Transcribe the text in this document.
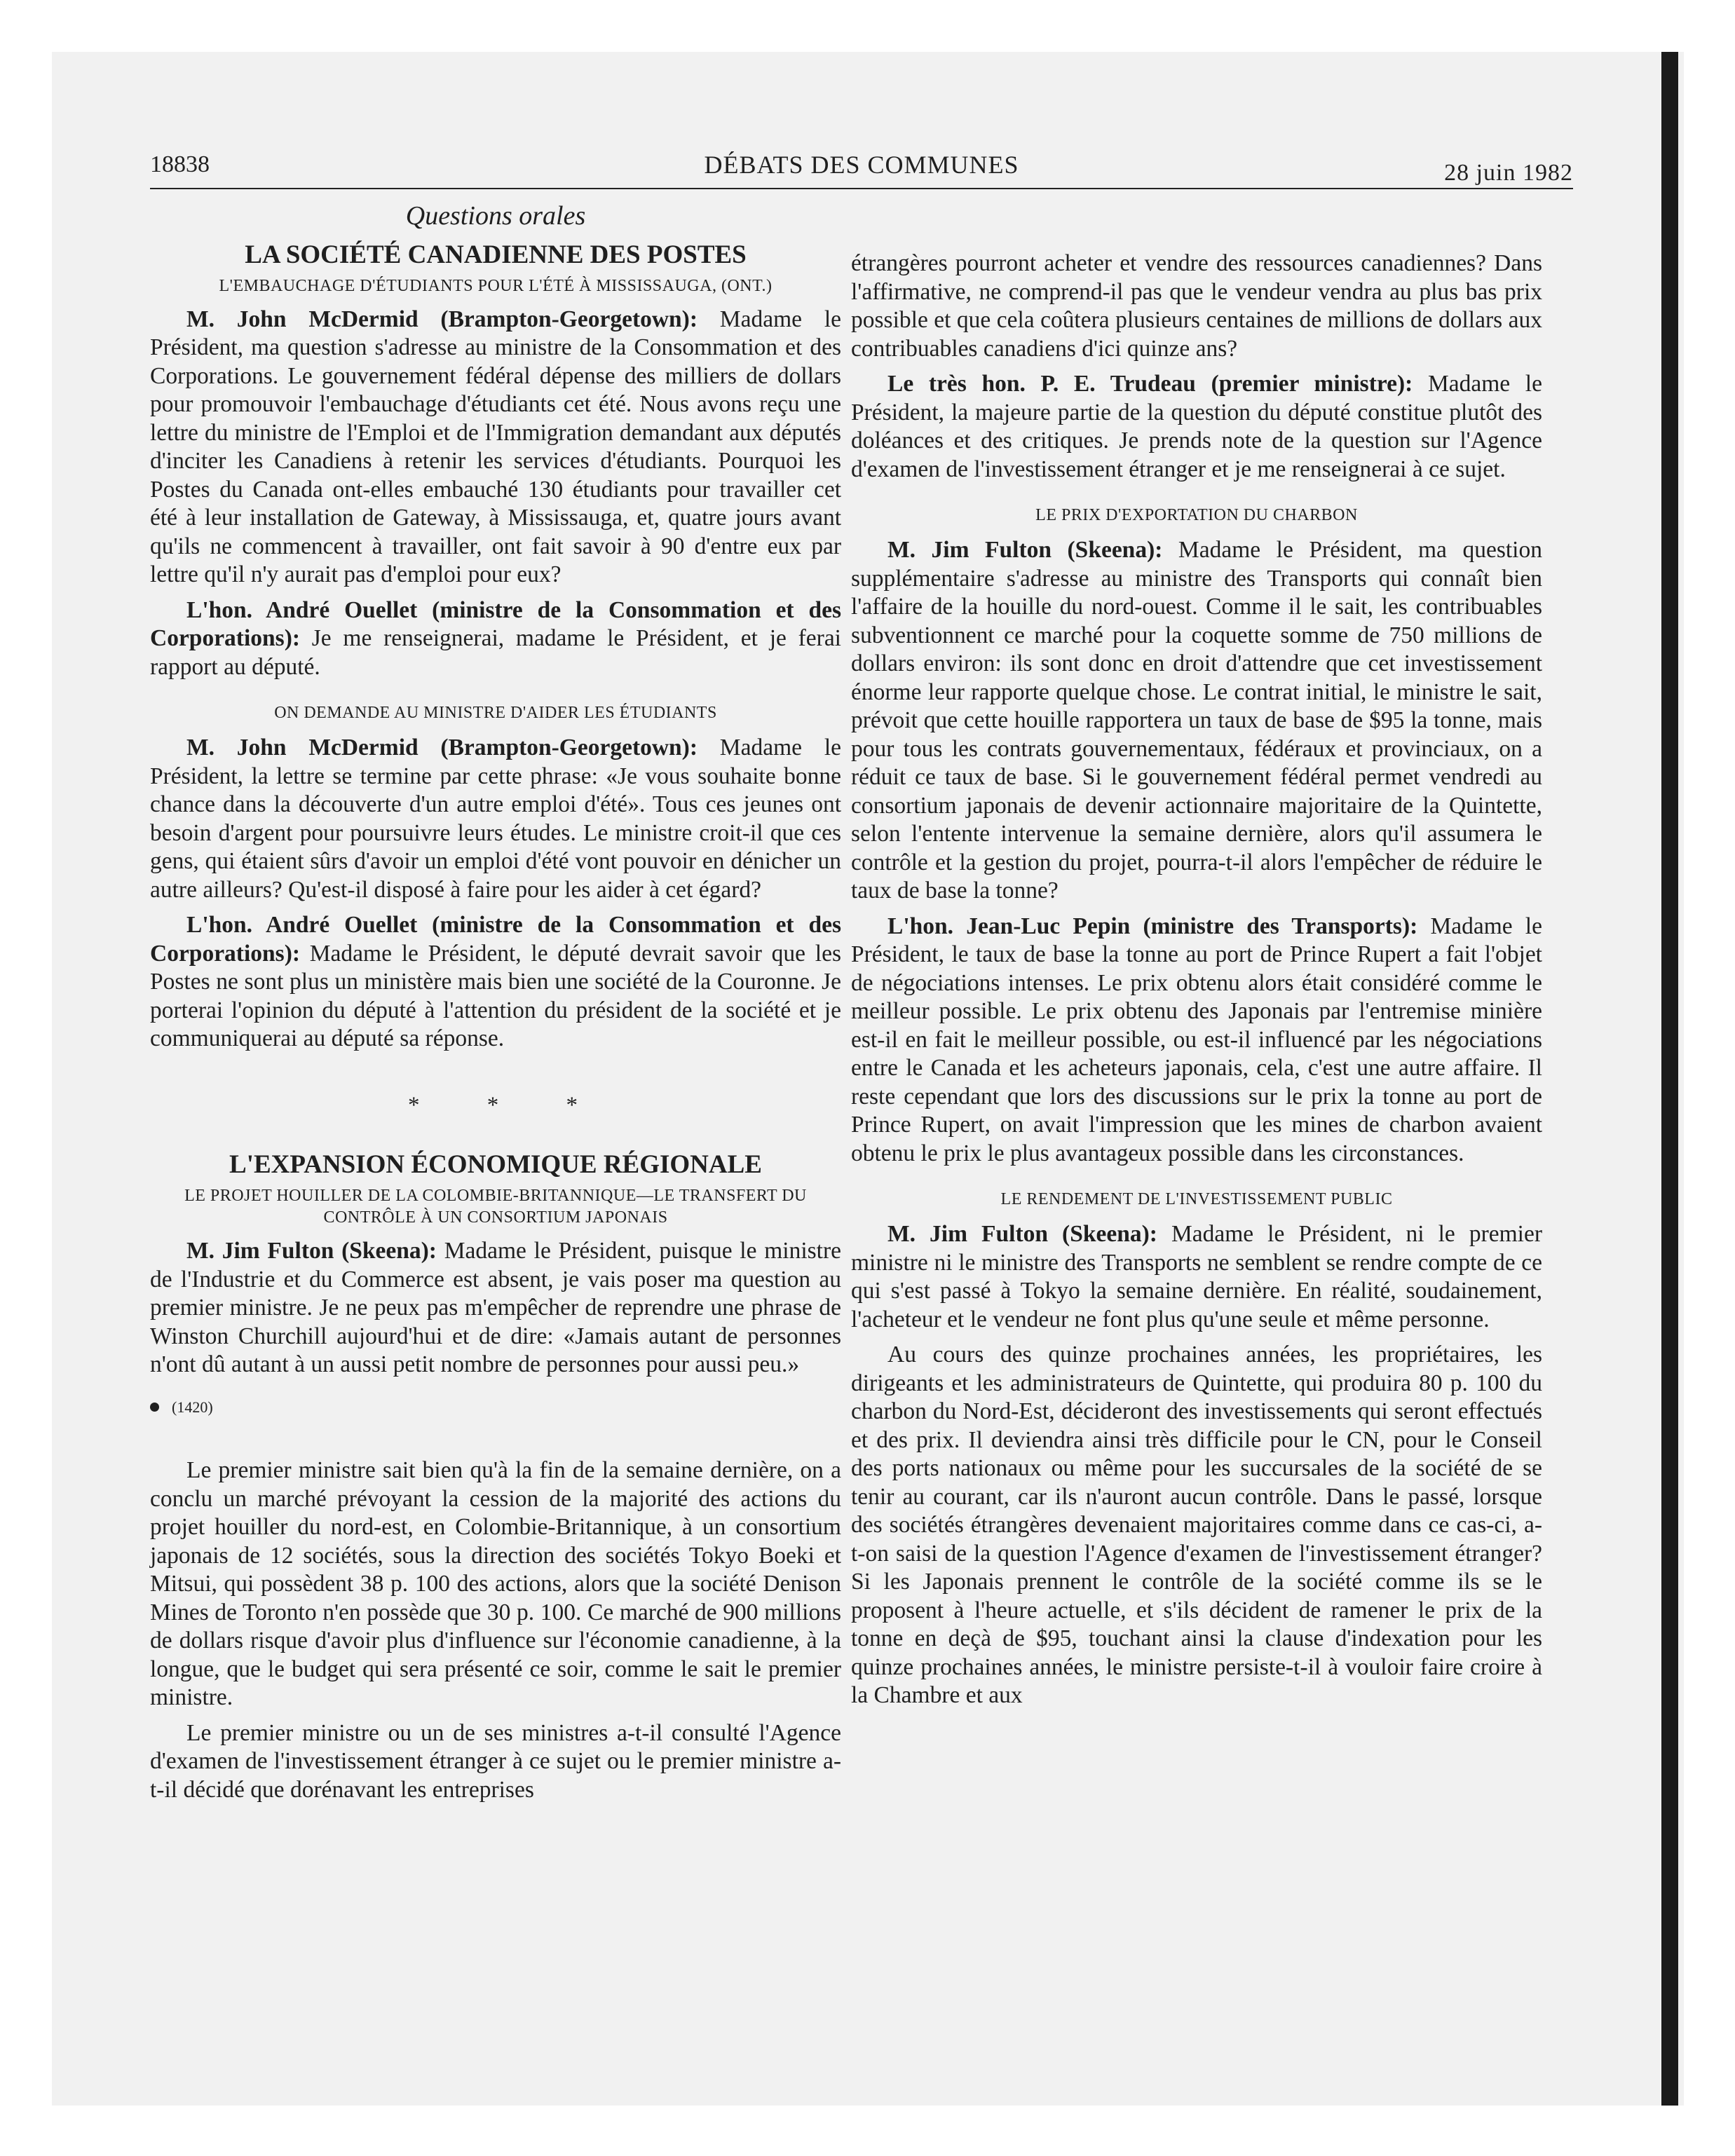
18838	DÉBATS DES COMMUNES	28 juin 1982
Questions orales
LA SOCIÉTÉ CANADIENNE DES POSTES
L'EMBAUCHAGE D'ÉTUDIANTS POUR L'ÉTÉ À MISSISSAUGA, (ONT.)

M. John McDermid (Brampton-Georgetown): Madame le Président, ma question s'adresse au ministre de la Consommation et des Corporations. Le gouvernement fédéral dépense des milliers de dollars pour promouvoir l'embauchage d'étudiants cet été. Nous avons reçu une lettre du ministre de l'Emploi et de l'Immigration demandant aux députés d'inciter les Canadiens à retenir les services d'étudiants. Pourquoi les Postes du Canada ont-elles embauché 130 étudiants pour travailler cet été à leur installation de Gateway, à Mississauga, et, quatre jours avant qu'ils ne commencent à travailler, ont fait savoir à 90 d'entre eux par lettre qu'il n'y aurait pas d'emploi pour eux?

L'hon. André Ouellet (ministre de la Consommation et des Corporations): Je me renseignerai, madame le Président, et je ferai rapport au député.

ON DEMANDE AU MINISTRE D'AIDER LES ÉTUDIANTS

M. John McDermid (Brampton-Georgetown): Madame le Président, la lettre se termine par cette phrase: «Je vous souhaite bonne chance dans la découverte d'un autre emploi d'été». Tous ces jeunes ont besoin d'argent pour poursuivre leurs études. Le ministre croit-il que ces gens, qui étaient sûrs d'avoir un emploi d'été vont pouvoir en dénicher un autre ailleurs? Qu'est-il disposé à faire pour les aider à cet égard?

L'hon. André Ouellet (ministre de la Consommation et des Corporations): Madame le Président, le député devrait savoir que les Postes ne sont plus un ministère mais bien une société de la Couronne. Je porterai l'opinion du député à l'attention du président de la société et je communiquerai au député sa réponse.

* * *
L'EXPANSION ÉCONOMIQUE RÉGIONALE
LE PROJET HOUILLER DE LA COLOMBIE-BRITANNIQUE—LE TRANSFERT DU CONTRÔLE À UN CONSORTIUM JAPONAIS

M. Jim Fulton (Skeena): Madame le Président, puisque le ministre de l'Industrie et du Commerce est absent, je vais poser ma question au premier ministre. Je ne peux pas m'empêcher de reprendre une phrase de Winston Churchill aujourd'hui et de dire: «Jamais autant de personnes n'ont dû autant à un aussi petit nombre de personnes pour aussi peu.»

(1420)

Le premier ministre sait bien qu'à la fin de la semaine dernière, on a conclu un marché prévoyant la cession de la majorité des actions du projet houiller du nord-est, en Colombie-Britannique, à un consortium japonais de 12 sociétés, sous la direction des sociétés Tokyo Boeki et Mitsui, qui possèdent 38 p. 100 des actions, alors que la société Denison Mines de Toronto n'en possède que 30 p. 100. Ce marché de 900 millions de dollars risque d'avoir plus d'influence sur l'économie canadienne, à la longue, que le budget qui sera présenté ce soir, comme le sait le premier ministre.

Le premier ministre ou un de ses ministres a-t-il consulté l'Agence d'examen de l'investissement étranger à ce sujet ou le premier ministre a-t-il décidé que dorénavant les entreprises

étrangères pourront acheter et vendre des ressources canadiennes? Dans l'affirmative, ne comprend-il pas que le vendeur vendra au plus bas prix possible et que cela coûtera plusieurs centaines de millions de dollars aux contribuables canadiens d'ici quinze ans?

Le très hon. P. E. Trudeau (premier ministre): Madame le Président, la majeure partie de la question du député constitue plutôt des doléances et des critiques. Je prends note de la question sur l'Agence d'examen de l'investissement étranger et je me renseignerai à ce sujet.

LE PRIX D'EXPORTATION DU CHARBON

M. Jim Fulton (Skeena): Madame le Président, ma question supplémentaire s'adresse au ministre des Transports qui connaît bien l'affaire de la houille du nord-ouest. Comme il le sait, les contribuables subventionnent ce marché pour la coquette somme de 750 millions de dollars environ: ils sont donc en droit d'attendre que cet investissement énorme leur rapporte quelque chose. Le contrat initial, le ministre le sait, prévoit que cette houille rapportera un taux de base de $95 la tonne, mais pour tous les contrats gouvernementaux, fédéraux et provinciaux, on a réduit ce taux de base. Si le gouvernement fédéral permet vendredi au consortium japonais de devenir actionnaire majoritaire de la Quintette, selon l'entente intervenue la semaine dernière, alors qu'il assumera le contrôle et la gestion du projet, pourra-t-il alors l'empêcher de réduire le taux de base la tonne?

L'hon. Jean-Luc Pepin (ministre des Transports): Madame le Président, le taux de base la tonne au port de Prince Rupert a fait l'objet de négociations intenses. Le prix obtenu alors était considéré comme le meilleur possible. Le prix obtenu des Japonais par l'entremise minière est-il en fait le meilleur possible, ou est-il influencé par les négociations entre le Canada et les acheteurs japonais, cela, c'est une autre affaire. Il reste cependant que lors des discussions sur le prix la tonne au port de Prince Rupert, on avait l'impression que les mines de charbon avaient obtenu le prix le plus avantageux possible dans les circonstances.

LE RENDEMENT DE L'INVESTISSEMENT PUBLIC

M. Jim Fulton (Skeena): Madame le Président, ni le premier ministre ni le ministre des Transports ne semblent se rendre compte de ce qui s'est passé à Tokyo la semaine dernière. En réalité, soudainement, l'acheteur et le vendeur ne font plus qu'une seule et même personne.

Au cours des quinze prochaines années, les propriétaires, les dirigeants et les administrateurs de Quintette, qui produira 80 p. 100 du charbon du Nord-Est, décideront des investissements qui seront effectués et des prix. Il deviendra ainsi très difficile pour le CN, pour le Conseil des ports nationaux ou même pour les succursales de la société de se tenir au courant, car ils n'auront aucun contrôle. Dans le passé, lorsque des sociétés étrangères devenaient majoritaires comme dans ce cas-ci, a-t-on saisi de la question l'Agence d'examen de l'investissement étranger? Si les Japonais prennent le contrôle de la société comme ils se le proposent à l'heure actuelle, et s'ils décident de ramener le prix de la tonne en deçà de $95, touchant ainsi la clause d'indexation pour les quinze prochaines années, le ministre persiste-t-il à vouloir faire croire à la Chambre et aux
